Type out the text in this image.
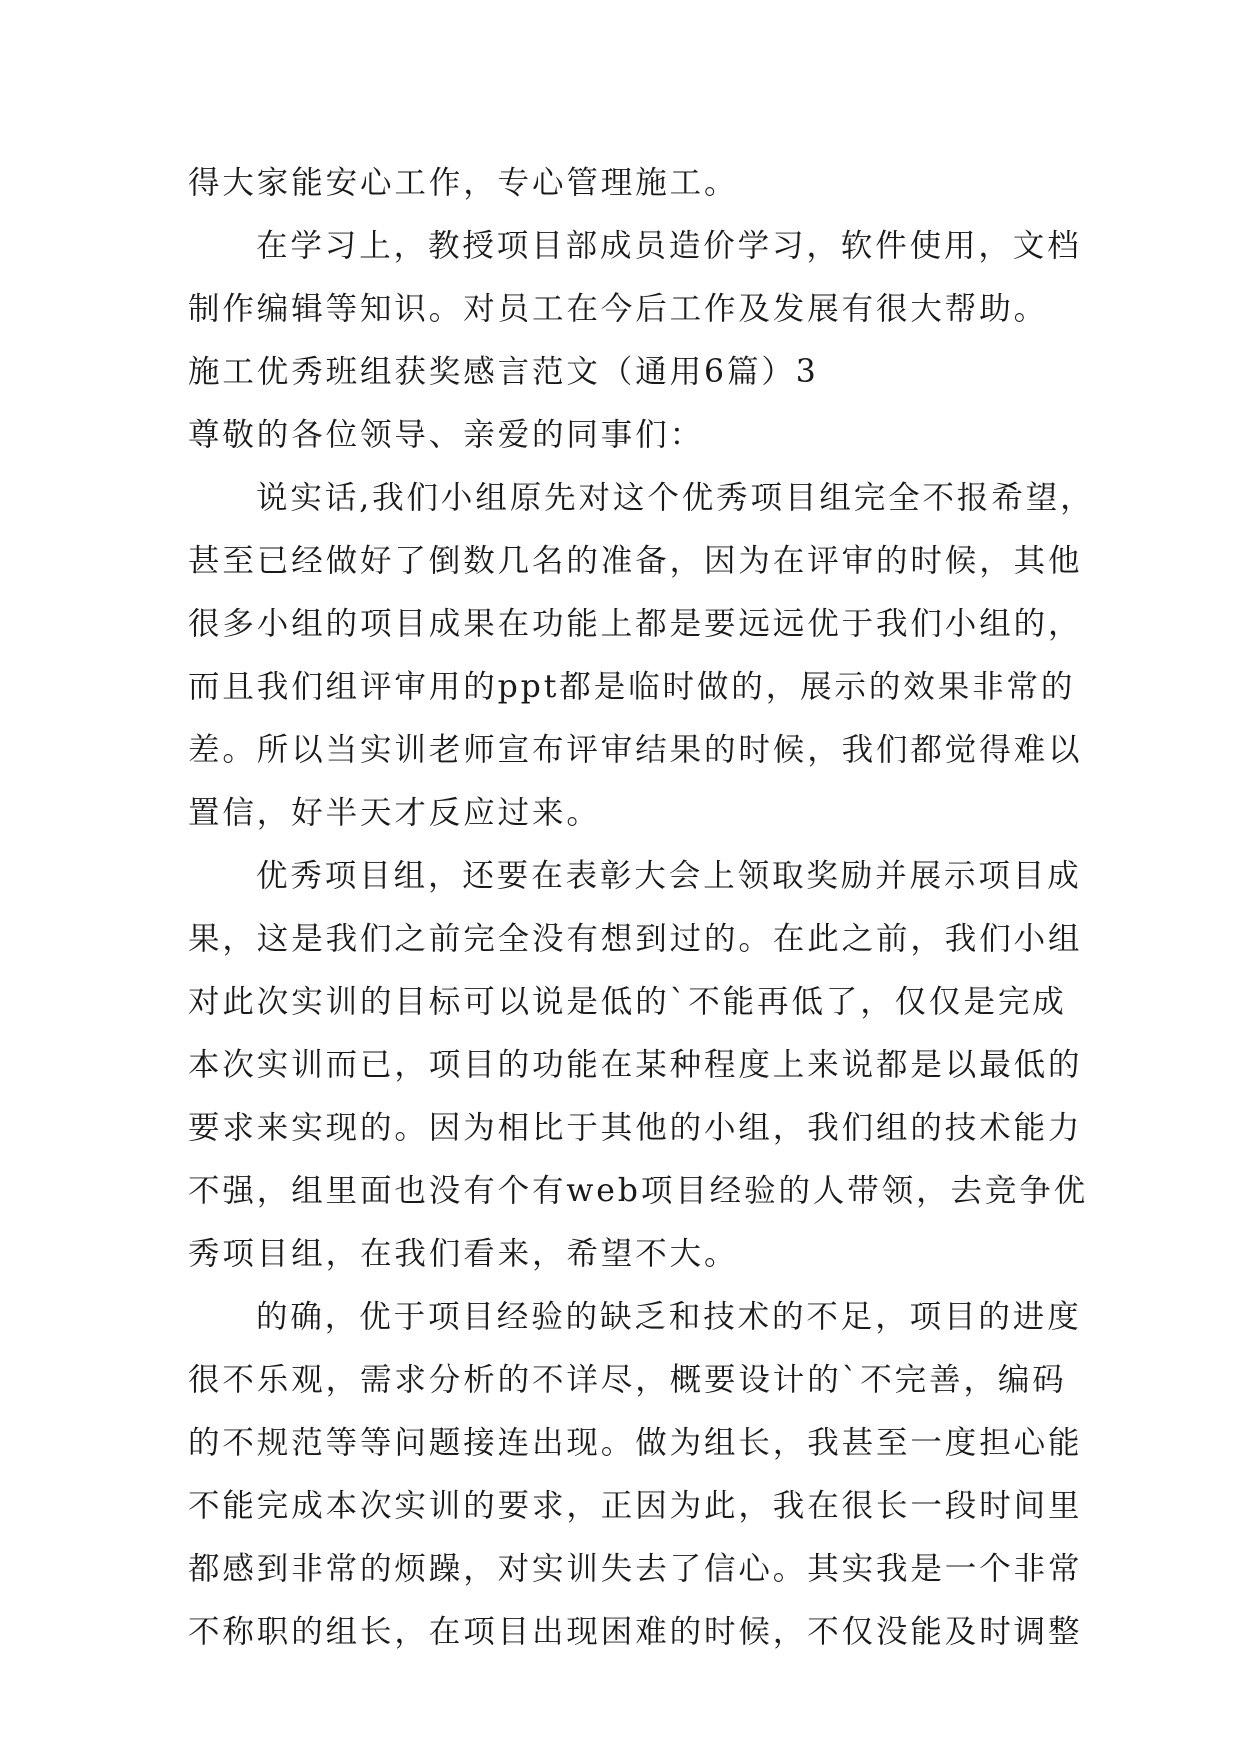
得大家能安心工作，专心管理施工。
在学习上，教授项目部成员造价学习，软件使用，文档
制作编辑等知识。对员工在今后工作及发展有很大帮助。
施工优秀班组获奖感言范文（通用6篇）3
尊敬的各位领导、亲爱的同事们：
说实话,我们小组原先对这个优秀项目组完全不报希望，
甚至已经做好了倒数几名的准备，因为在评审的时候，其他
很多小组的项目成果在功能上都是要远远优于我们小组的，
而且我们组评审用的ppt都是临时做的，展示的效果非常的
差。所以当实训老师宣布评审结果的时候，我们都觉得难以
置信，好半天才反应过来。
优秀项目组，还要在表彰大会上领取奖励并展示项目成
果，这是我们之前完全没有想到过的。在此之前，我们小组
对此次实训的目标可以说是低的`不能再低了，仅仅是完成
本次实训而已，项目的功能在某种程度上来说都是以最低的
要求来实现的。因为相比于其他的小组，我们组的技术能力
不强，组里面也没有个有web项目经验的人带领，去竞争优
秀项目组，在我们看来，希望不大。
的确，优于项目经验的缺乏和技术的不足，项目的进度
很不乐观，需求分析的不详尽，概要设计的`不完善，编码
的不规范等等问题接连出现。做为组长，我甚至一度担心能
不能完成本次实训的要求，正因为此，我在很长一段时间里
都感到非常的烦躁，对实训失去了信心。其实我是一个非常
不称职的组长，在项目出现困难的时候，不仅没能及时调整
